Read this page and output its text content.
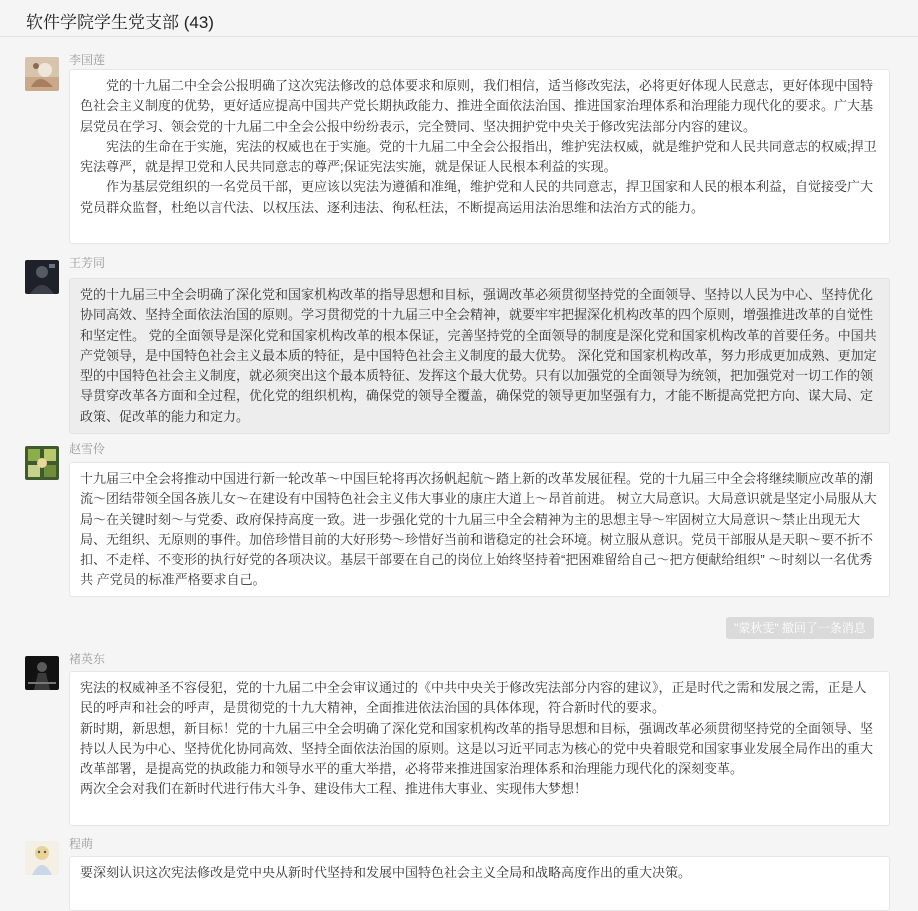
软件学院学生党支部 (43)
李国莲

党的十九届二中全会公报明确了这次宪法修改的总体要求和原则，我们相信，适当修改宪法，必将更好体现人民意志，更好体现中国特色社会主义制度的优势，更好适应提高中国共产党长期执政能力、推进全面依法治国、推进国家治理体系和治理能力现代化的要求。广大基层党员在学习、领会党的十九届二中全会公报中纷纷表示，完全赞同、坚决拥护党中央关于修改宪法部分内容的建议。

宪法的生命在于实施，宪法的权威也在于实施。党的十九届二中全会公报指出，维护宪法权威，就是维护党和人民共同意志的权威;捍卫宪法尊严，就是捍卫党和人民共同意志的尊严;保证宪法实施，就是保证人民根本利益的实现。

作为基层党组织的一名党员干部，更应该以宪法为遵循和准绳，维护党和人民的共同意志，捍卫国家和人民的根本利益，自觉接受广大党员群众监督，杜绝以言代法、以权压法、逐利违法、徇私枉法，不断提高运用法治思维和法治方式的能力。

王芳同

党的十九届三中全会明确了深化党和国家机构改革的指导思想和目标，强调改革必须贯彻坚持党的全面领导、坚持以人民为中心、坚持优化协同高效、坚持全面依法治国的原则。学习贯彻党的十九届三中全会精神，就要牢牢把握深化机构改革的四个原则，增强推进改革的自觉性和坚定性。 党的全面领导是深化党和国家机构改革的根本保证，完善坚持党的全面领导的制度是深化党和国家机构改革的首要任务。中国共产党领导，是中国特色社会主义最本质的特征，是中国特色社会主义制度的最大优势。 深化党和国家机构改革，努力形成更加成熟、更加定型的中国特色社会主义制度，就必须突出这个最本质特征、发挥这个最大优势。只有以加强党的全面领导为统领，把加强党对一切工作的领导贯穿改革各方面和全过程，优化党的组织机构，确保党的领导全覆盖，确保党的领导更加坚强有力，才能不断提高党把方向、谋大局、定政策、促改革的能力和定力。

赵雪伶

十九届三中全会将推动中国进行新一轮改革～中国巨轮将再次扬帆起航～踏上新的改革发展征程。党的十九届三中全会将继续顺应改革的潮流～团结带领全国各族儿女～在建设有中国特色社会主义伟大事业的康庄大道上～昂首前进。 树立大局意识。大局意识就是坚定小局服从大局～在关键时刻～与党委、政府保持高度一致。进一步强化党的十九届三中全会精神为主的思想主导～牢固树立大局意识～禁止出现无大局、无组织、无原则的事件。加倍珍惜目前的大好形势～珍惜好当前和谐稳定的社会环境。树立服从意识。党员干部服从是天职～要不折不扣、不走样、不变形的执行好党的各项决议。基层干部要在自己的岗位上始终坚持着“把困难留给自己～把方便献给组织” ～时刻以一名优秀共 产党员的标准严格要求自己。

"蒙秋雯" 撤回了一条消息
褚英东

宪法的权威神圣不容侵犯，党的十九届二中全会审议通过的《中共中央关于修改宪法部分内容的建议》，正是时代之需和发展之需，正是人民的呼声和社会的呼声，是贯彻党的十九大精神，全面推进依法治国的具体体现，符合新时代的要求。

新时期，新思想，新目标！党的十九届三中全会明确了深化党和国家机构改革的指导思想和目标，强调改革必须贯彻坚持党的全面领导、坚持以人民为中心、坚持优化协同高效、坚持全面依法治国的原则。这是以习近平同志为核心的党中央着眼党和国家事业发展全局作出的重大改革部署，是提高党的执政能力和领导水平的重大举措，必将带来推进国家治理体系和治理能力现代化的深刻变革。

两次全会对我们在新时代进行伟大斗争、建设伟大工程、推进伟大事业、实现伟大梦想！

程萌

要深刻认识这次宪法修改是党中央从新时代坚持和发展中国特色社会主义全局和战略高度作出的重大决策。
